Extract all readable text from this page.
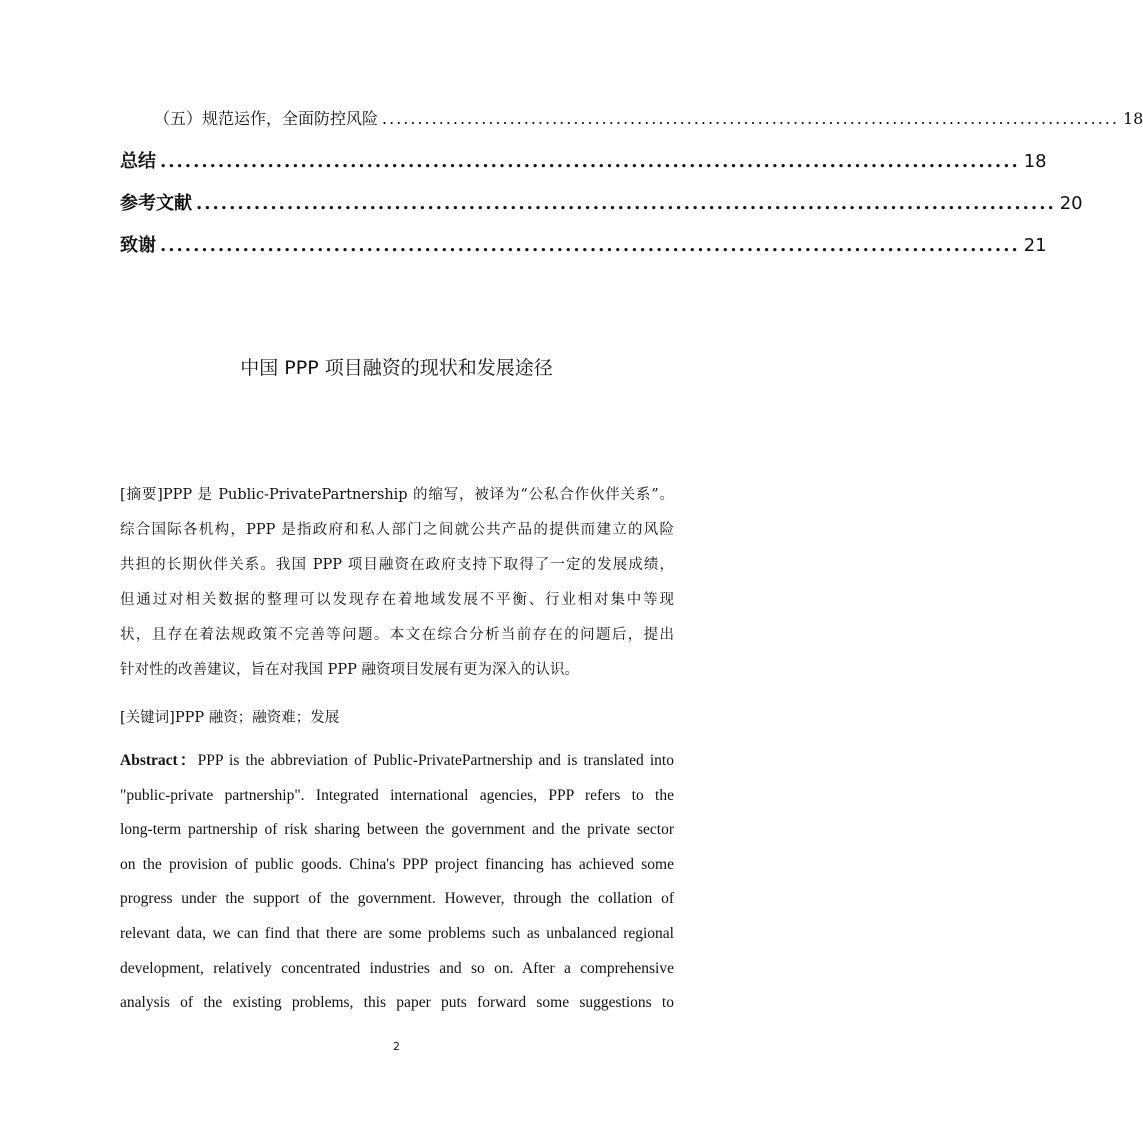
（五）规范运作，全面防控风险 ........................................................................................................ 18
总结 ........................................................................................................ 18
参考文献 ........................................................................................................ 20
致谢 ........................................................................................................ 21
中国 PPP 项目融资的现状和发展途径
[摘要]PPP 是 Public-PrivatePartnership 的缩写，被译为“公私合作伙伴关系”。
综合国际各机构，PPP 是指政府和私人部门之间就公共产品的提供而建立的风险
共担的长期伙伴关系。我国 PPP 项目融资在政府支持下取得了一定的发展成绩，
但通过对相关数据的整理可以发现存在着地域发展不平衡、行业相对集中等现
状，且存在着法规政策不完善等问题。本文在综合分析当前存在的问题后，提出
针对性的改善建议，旨在对我国 PPP 融资项目发展有更为深入的认识。
[关键词]PPP 融资；融资难；发展
Abstract：PPP is the abbreviation of Public-PrivatePartnership and is translated into
"public-private partnership". Integrated international agencies, PPP refers to the
long-term partnership of risk sharing between the government and the private sector
on the provision of public goods. China's PPP project financing has achieved some
progress under the support of the government. However, through the collation of
relevant data, we can find that there are some problems such as unbalanced regional
development, relatively concentrated industries and so on. After a comprehensive
analysis of the existing problems, this paper puts forward some suggestions to
2
